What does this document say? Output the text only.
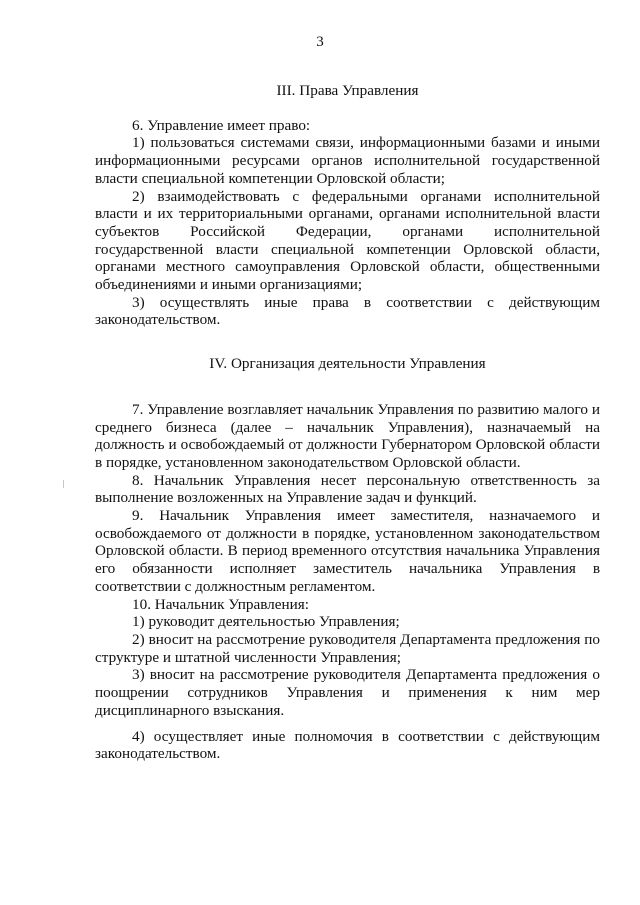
3
III. Права Управления

6. Управление имеет право:

1) пользоваться системами связи, информационными базами и иными информационными ресурсами органов исполнительной государственной власти специальной компетенции Орловской области;

2) взаимодействовать с федеральными органами исполнительной власти и их территориальными органами, органами исполнительной власти субъектов Российской Федерации, органами исполнительной государственной власти специальной компетенции Орловской области, органами местного самоуправления Орловской области, общественными объединениями и иными организациями;

3) осуществлять иные права в соответствии с действующим законодательством.

IV. Организация деятельности Управления

7. Управление возглавляет начальник Управления по развитию малого и среднего бизнеса (далее – начальник Управления), назначаемый на должность и освобождаемый от должности Губернатором Орловской области в порядке, установленном законодательством Орловской области.

8. Начальник Управления несет персональную ответственность за выполнение возложенных на Управление задач и функций.

9. Начальник Управления имеет заместителя, назначаемого и освобождаемого от должности в порядке, установленном законодательством Орловской области. В период временного отсутствия начальника Управления его обязанности исполняет заместитель начальника Управления в соответствии с должностным регламентом.

10. Начальник Управления:

1) руководит деятельностью Управления;

2) вносит на рассмотрение руководителя Департамента предложения по структуре и штатной численности Управления;

3) вносит на рассмотрение руководителя Департамента предложения о поощрении сотрудников Управления и применения к ним мер дисциплинарного взыскания.

4) осуществляет иные полномочия в соответствии с действующим законодательством.
